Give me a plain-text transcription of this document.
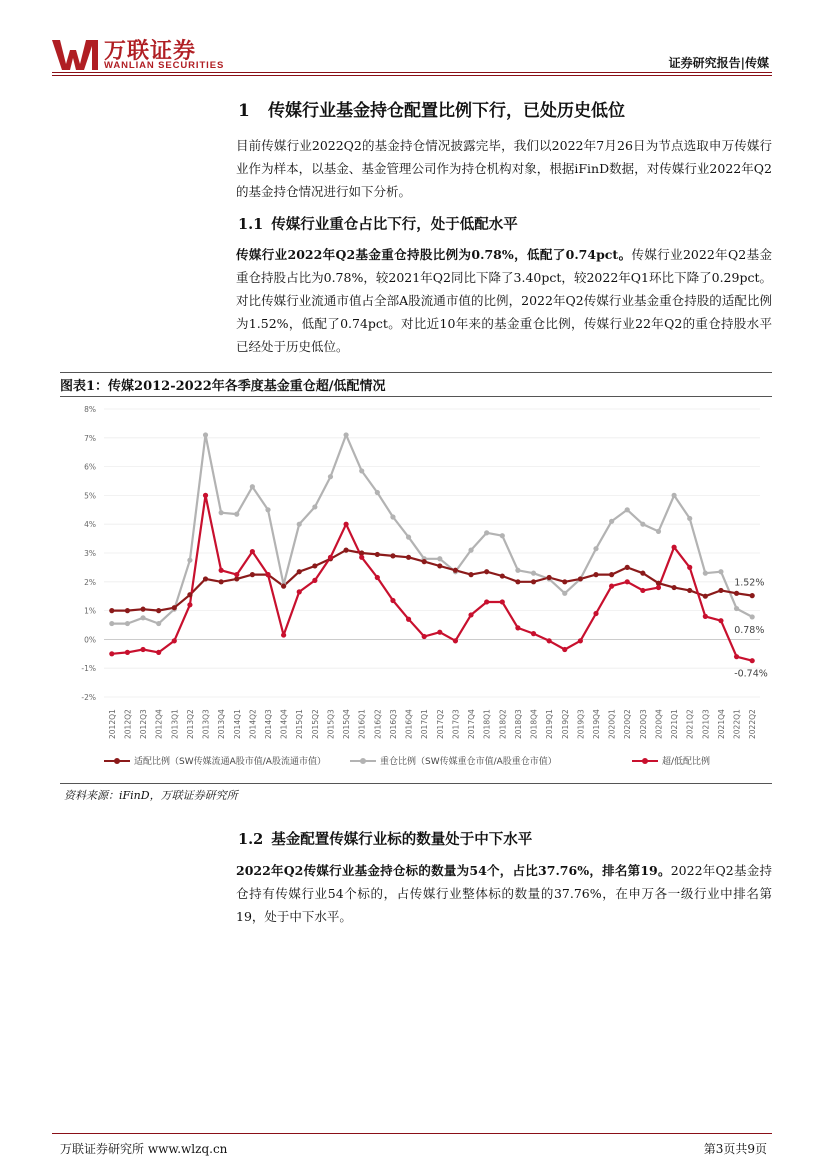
万联证券
WANLIAN SECURITIES	证券研究报告|传媒
1 传媒行业基金持仓配置比例下行，已处历史低位
目前传媒行业2022Q2的基金持仓情况披露完毕，我们以2022年7月26日为节点选取申万传媒行业作为样本，以基金、基金管理公司作为持仓机构对象，根据iFinD数据，对传媒行业2022年Q2的基金持仓情况进行如下分析。
1.1 传媒行业重仓占比下行，处于低配水平
传媒行业2022年Q2基金重仓持股比例为0.78%，低配了0.74pct。传媒行业2022年Q2基金重仓持股占比为0.78%，较2021年Q2同比下降了3.40pct，较2022年Q1环比下降了0.29pct。对比传媒行业流通市值占全部A股流通市值的比例，2022年Q2传媒行业基金重仓持股的适配比例为1.52%，低配了0.74pct。对比近10年来的基金重仓比例，传媒行业22年Q2的重仓持股水平已经处于历史低位。
图表1：传媒2012-2022年各季度基金重仓超/低配情况
-2%
-1%
0%
1%
2%
3%
4%
5%
6%
7%
8%
2012Q1 2012Q2 2012Q3 2012Q4 2013Q1 2013Q2 2013Q3 2013Q4 2014Q1 2014Q2 2014Q3 2014Q4 2015Q1 2015Q2 2015Q3 2015Q4 2016Q1 2016Q2 2016Q3 2016Q4 2017Q1 2017Q2 2017Q3 2017Q4 2018Q1 2018Q2 2018Q3 2018Q4 2019Q1 2019Q2 2019Q3 2019Q4 2020Q1 2020Q2 2020Q3 2020Q4 2021Q1 2021Q2 2021Q3 2021Q4 2022Q1 2022Q2
1.52%
0.78%
-0.74%
适配比例（SW传媒流通A股市值/A股流通市值）	重仓比例（SW传媒重仓市值/A股重仓市值）	超/低配比例
资料来源：iFinD，万联证券研究所
1.2 基金配置传媒行业标的数量处于中下水平
2022年Q2传媒行业基金持仓标的数量为54个，占比37.76%，排名第19。2022年Q2基金持仓持有传媒行业54个标的，占传媒行业整体标的数量的37.76%，在申万各一级行业中排名第19，处于中下水平。
万联证券研究所 www.wlzq.cn	第3页共9页
